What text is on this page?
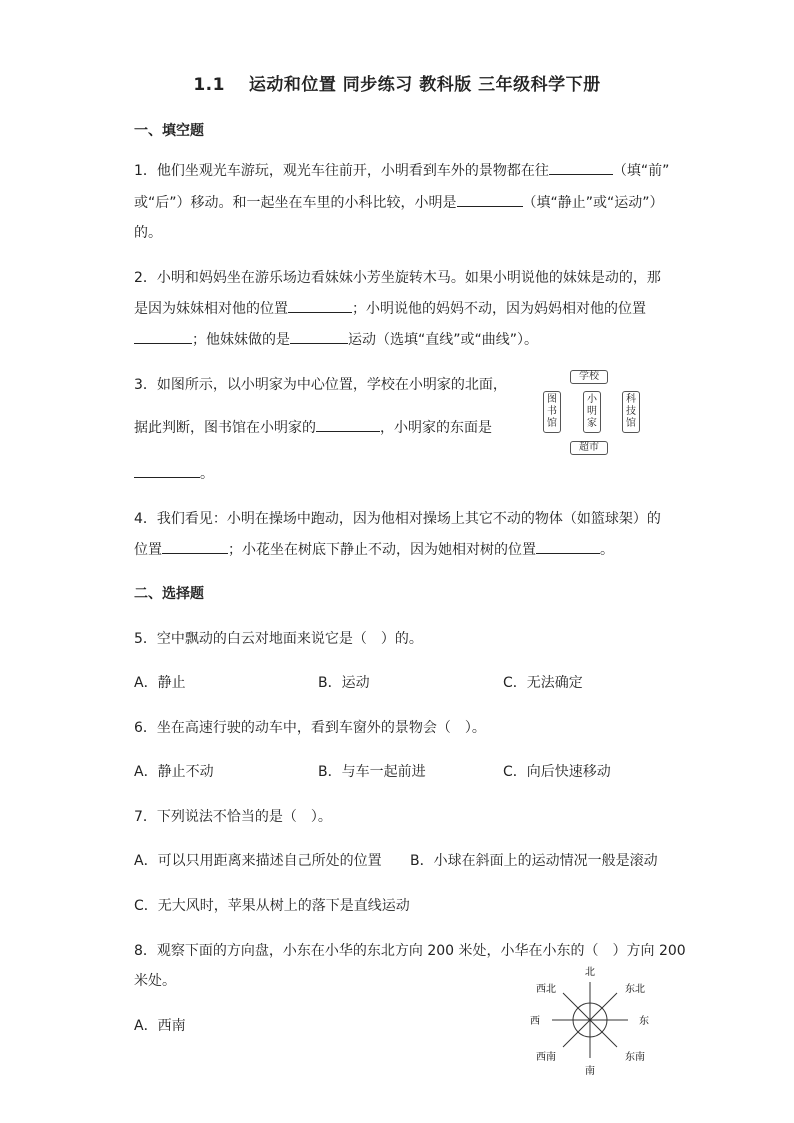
1.1　 运动和位置 同步练习 教科版 三年级科学下册
一、填空题
1．他们坐观光车游玩，观光车往前开，小明看到车外的景物都在往	（填“前”
或“后”）移动。和一起坐在车里的小科比较，小明是	（填“静止”或“运动”）
的。
2．小明和妈妈坐在游乐场边看妹妹小芳坐旋转木马。如果小明说他的妹妹是动的，那
是因为妹妹相对他的位置	；小明说他的妈妈不动，因为妈妈相对他的位置
；他妹妹做的是	运动（选填“直线”或“曲线”）。
3．如图所示，以小明家为中心位置，学校在小明家的北面，
据此判断，图书馆在小明家的	，小明家的东面是
。
学校
图书馆
小明家
科技馆
超市
4．我们看见：小明在操场中跑动，因为他相对操场上其它不动的物体（如篮球架）的
位置	；小花坐在树底下静止不动，因为她相对树的位置	。
二、选择题
5．空中飘动的白云对地面来说它是（　）的。
A．静止	B．运动	C．无法确定
6．坐在高速行驶的动车中，看到车窗外的景物会（　）。
A．静止不动	B．与车一起前进	C．向后快速移动
7．下列说法不恰当的是（　）。
A．可以只用距离来描述自己所处的位置 B．小球在斜面上的运动情况一般是滚动
C．无大风时，苹果从树上的落下是直线运动
8．观察下面的方向盘，小东在小华的东北方向 200 米处，小华在小东的（　）方向 200
米处。
A．西南
北
南
东
西
东北
西北
东南
西南
